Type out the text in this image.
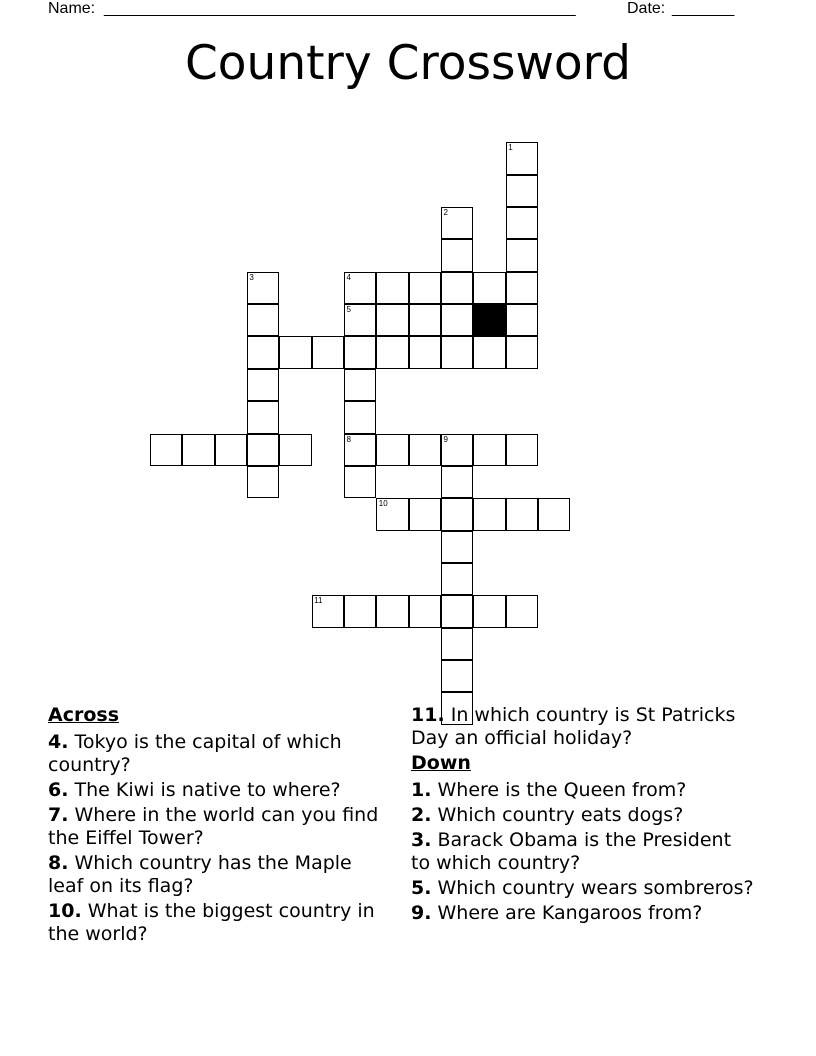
Name: _____________________________________________________	Date: _______
Country Crossword
1
2
4
5
3
8	9
10
11
Across
4. Tokyo is the capital of which country?
6. The Kiwi is native to where?
7. Where in the world can you find the Eiffel Tower?
8. Which country has the Maple leaf on its flag?
10. What is the biggest country in the world?
11. In which country is St Patricks Day an official holiday?
Down
1. Where is the Queen from?
2. Which country eats dogs?
3. Barack Obama is the President to which country?
5. Which country wears sombreros?
9. Where are Kangaroos from?
